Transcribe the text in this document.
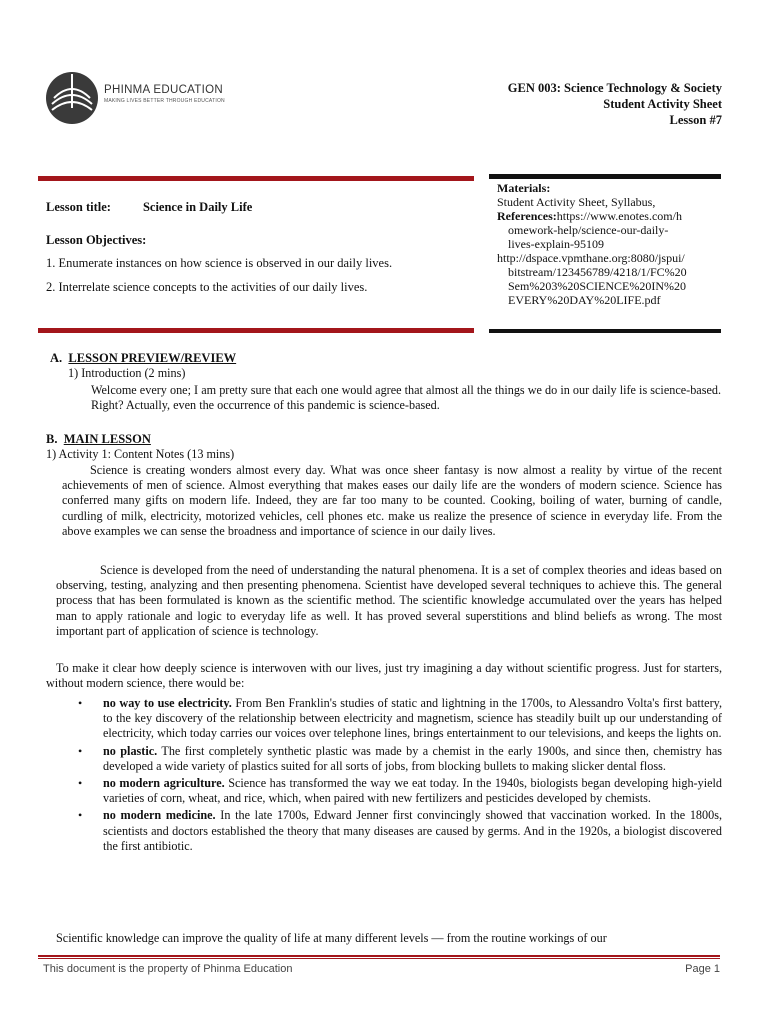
PHINMA EDUCATION
MAKING LIVES BETTER THROUGH EDUCATION
GEN 003: Science Technology & Society
Student Activity Sheet
Lesson #7
Lesson title:	Science in Daily Life
Lesson Objectives:
1. Enumerate instances on how science is observed in our daily lives.
2. Interrelate science concepts to the activities of our daily lives.
Materials:
Student Activity Sheet, Syllabus,
References:https://www.enotes.com/h
omework-help/science-our-daily-
lives-explain-95109
http://dspace.vpmthane.org:8080/jspui/
bitstream/123456789/4218/1/FC%20
Sem%203%20SCIENCE%20IN%20
EVERY%20DAY%20LIFE.pdf
A. LESSON PREVIEW/REVIEW
1) Introduction (2 mins)
Welcome every one; I am pretty sure that each one would agree that almost all the things we do in our daily life is science-based. Right? Actually, even the occurrence of this pandemic is science-based.
B. MAIN LESSON
1) Activity 1: Content Notes (13 mins)
Science is creating wonders almost every day. What was once sheer fantasy is now almost a reality by virtue of the recent achievements of men of science. Almost everything that makes eases our daily life are the wonders of modern science. Science has conferred many gifts on modern life. Indeed, they are far too many to be counted. Cooking, boiling of water, burning of candle, curdling of milk, electricity, motorized vehicles, cell phones etc. make us realize the presence of science in everyday life. From the above examples we can sense the broadness and importance of science in our daily lives.
Science is developed from the need of understanding the natural phenomena. It is a set of complex theories and ideas based on observing, testing, analyzing and then presenting phenomena. Scientist have developed several techniques to achieve this. The general process that has been formulated is known as the scientific method. The scientific knowledge accumulated over the years has helped man to apply rationale and logic to everyday life as well. It has proved several superstitions and blind beliefs as wrong. The most important part of application of science is technology.
To make it clear how deeply science is interwoven with our lives, just try imagining a day without scientific progress. Just for starters, without modern science, there would be:
•	no way to use electricity. From Ben Franklin's studies of static and lightning in the 1700s, to Alessandro Volta's first battery, to the key discovery of the relationship between electricity and magnetism, science has steadily built up our understanding of electricity, which today carries our voices over telephone lines, brings entertainment to our televisions, and keeps the lights on.
•	no plastic. The first completely synthetic plastic was made by a chemist in the early 1900s, and since then, chemistry has developed a wide variety of plastics suited for all sorts of jobs, from blocking bullets to making slicker dental floss.
•	no modern agriculture. Science has transformed the way we eat today. In the 1940s, biologists began developing high-yield varieties of corn, wheat, and rice, which, when paired with new fertilizers and pesticides developed by chemists.
•	no modern medicine. In the late 1700s, Edward Jenner first convincingly showed that vaccination worked. In the 1800s, scientists and doctors established the theory that many diseases are caused by germs. And in the 1920s, a biologist discovered the first antibiotic.
Scientific knowledge can improve the quality of life at many different levels — from the routine workings of our
This document is the property of Phinma Education	Page 1
